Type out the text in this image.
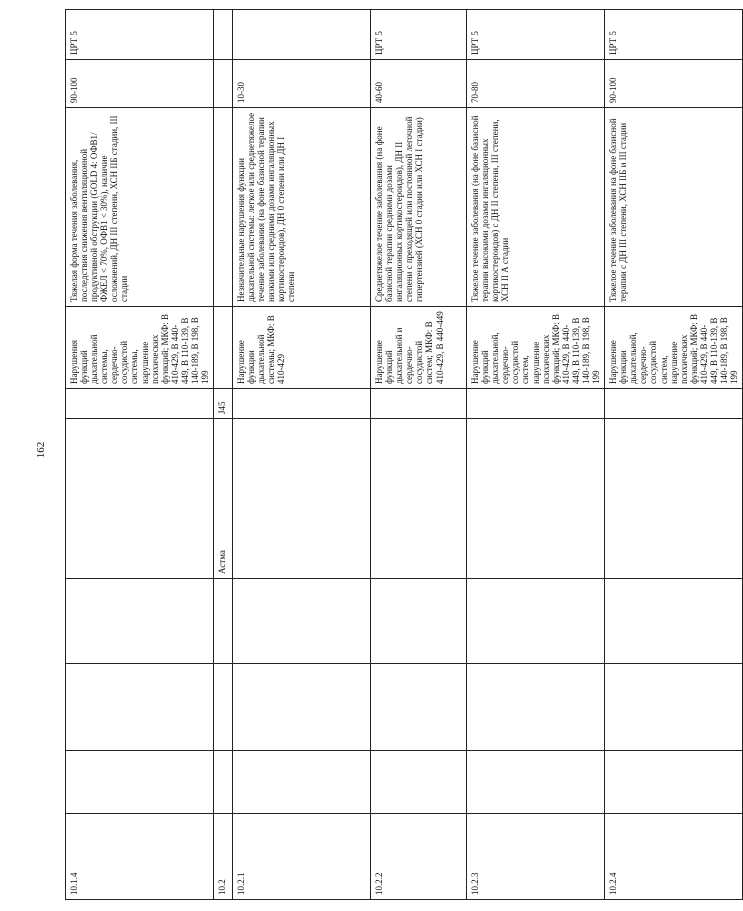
162
10.1.4						Нарушения функций дыхательной системы, сердечно-сосудистой системы, нарушение психических функций; МКФ: B 410-429, B 440-449, B 110-139, B 140-189, B 198, B 199	Тяжелая форма течения заболевания, последствия снижения вентиляционной продуктивной обструкции (GOLD 4: ОФВ1/ФЖЕЛ < 70%, ОФВ1 < 30%), наличие осложнений, ДН III степени, ХСН IIБ стадии, III стадии	90-100	ЦРТ 5
10.2				Астма	J45				
10.2.1						Нарушение функции дыхательной системы; МКФ: B 410-429	Незначительные нарушения функции дыхательной системы: легкое или среднетяжелое течение заболевания (на фоне базисной терапии низкими или средними дозами ингаляционных кортикостероидов), ДН 0 степени или ДН I степени	10-30	
10.2.2						Нарушение функций дыхательной и сердечно-сосудистой систем; МКФ: B 410-429, B 440-449	Среднетяжелое течение заболевания (на фоне базисной терапии средними дозами ингаляционных кортикостероидов), ДН II степени с преходящей или постоянной легочной гипертензией (ХСН 0 стадии или ХСН I стадии)	40-60	ЦРТ 5
10.2.3						Нарушение функций дыхательной, сердечно-сосудистой систем, нарушение психических функций; МКФ: B 410-429, B 440-449, B 110-139, B 140-189, B 198, B 199	Тяжелое течение заболевания (на фоне базисной терапии высокими дозами ингаляционных кортикостероидов) с ДН II степени, III степени, ХСН II А стадии	70-80	ЦРТ 5
10.2.4						Нарушение функции дыхательной, сердечно-сосудистой систем, нарушение психических функций; МКФ: B 410-429, B 440-449, B 110-139, B 140-189, B 198, B 199	Тяжелое течение заболевания на фоне базисной терапии с ДН III степени, ХСН IIБ и III стадии	90-100	ЦРТ 5
